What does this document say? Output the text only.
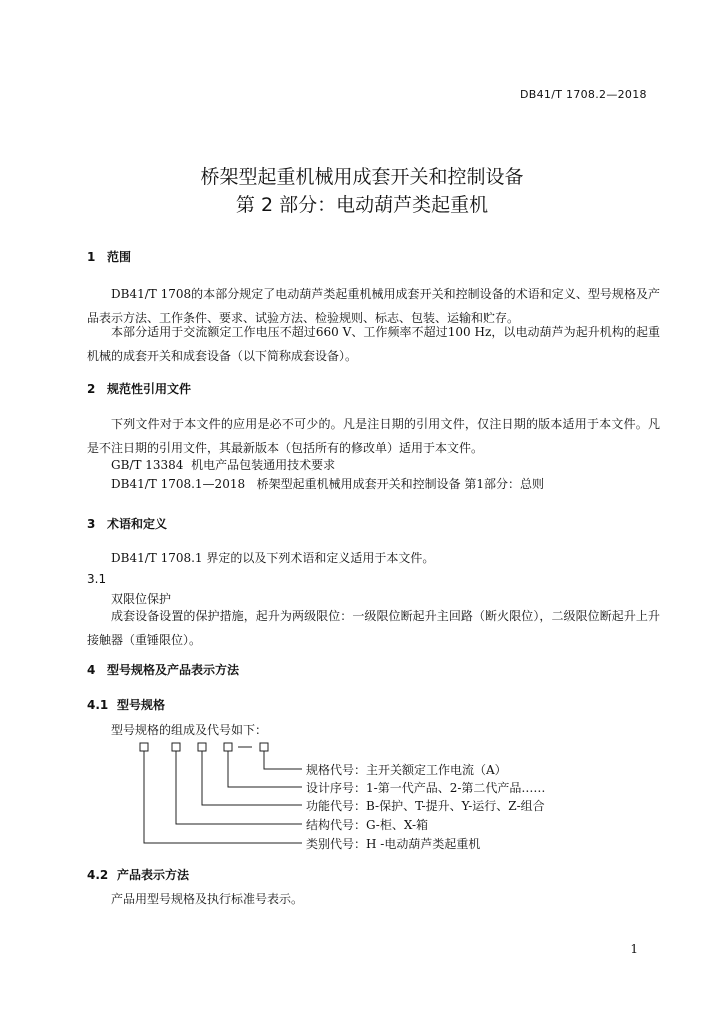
DB41/T 1708.2—2018
桥架型起重机械用成套开关和控制设备
第 2 部分：电动葫芦类起重机
1 范围
DB41/T 1708的本部分规定了电动葫芦类起重机械用成套开关和控制设备的术语和定义、型号规格及产品表示方法、工作条件、要求、试验方法、检验规则、标志、包装、运输和贮存。
本部分适用于交流额定工作电压不超过660 V、工作频率不超过100 Hz，以电动葫芦为起升机构的起重机械的成套开关和成套设备（以下简称成套设备）。
2 规范性引用文件
下列文件对于本文件的应用是必不可少的。凡是注日期的引用文件，仅注日期的版本适用于本文件。凡是不注日期的引用文件，其最新版本（包括所有的修改单）适用于本文件。
GB/T 13384 机电产品包装通用技术要求
DB41/T 1708.1—2018 桥架型起重机械用成套开关和控制设备 第1部分：总则
3 术语和定义
DB41/T 1708.1 界定的以及下列术语和定义适用于本文件。
3.1
双限位保护
成套设备设置的保护措施，起升为两级限位：一级限位断起升主回路（断火限位），二级限位断起升上升接触器（重锤限位）。
4 型号规格及产品表示方法
4.1 型号规格
型号规格的组成及代号如下：
规格代号：主开关额定工作电流（A）
设计序号：1-第一代产品、2-第二代产品……
功能代号：B-保护、T-提升、Y-运行、Z-组合
结构代号：G-柜、X-箱
类别代号：H -电动葫芦类起重机
4.2 产品表示方法
产品用型号规格及执行标准号表示。
1
